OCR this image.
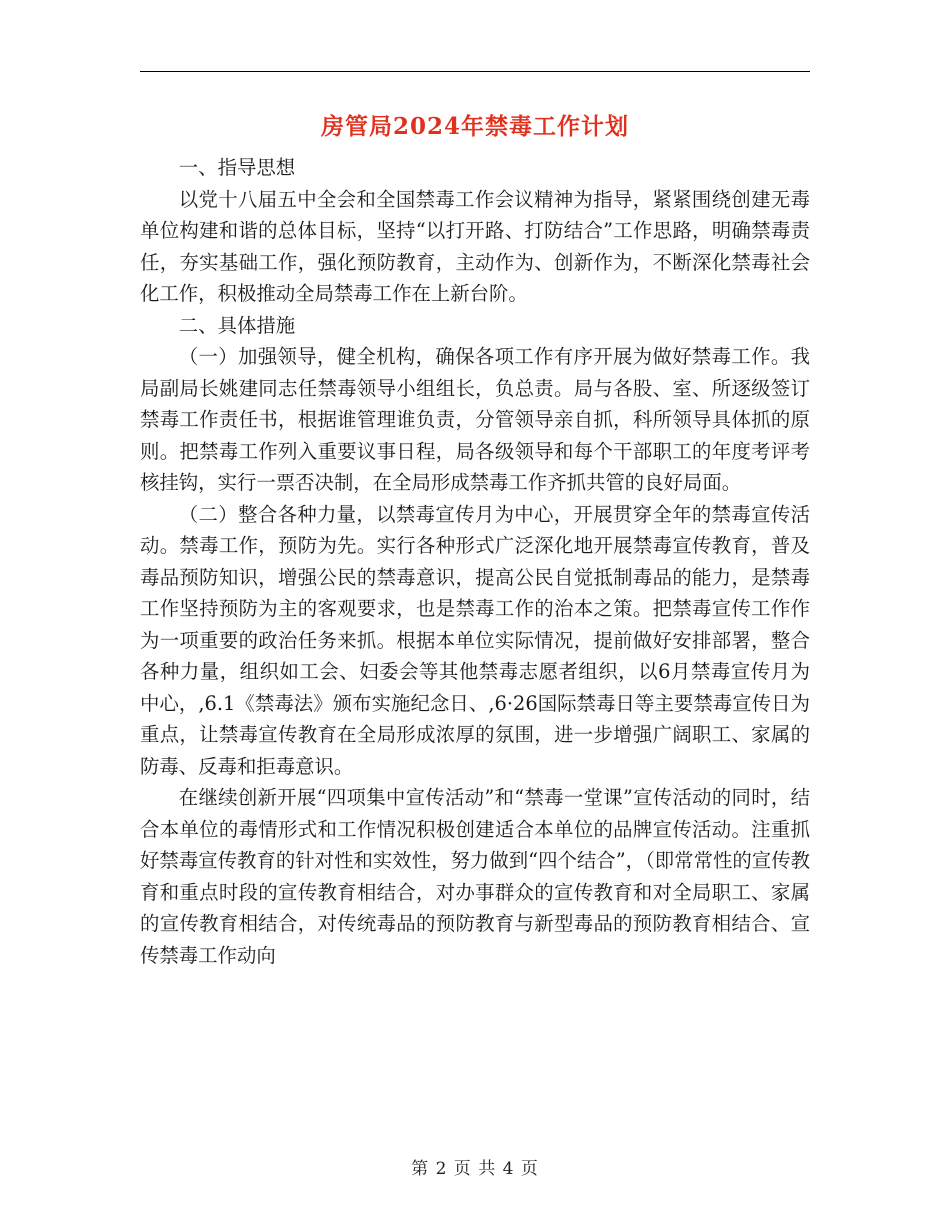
房管局2024年禁毒工作计划

一、指导思想

以党十八届五中全会和全国禁毒工作会议精神为指导，紧紧围绕创建无毒单位构建和谐的总体目标，坚持“以打开路、打防结合”工作思路，明确禁毒责任，夯实基础工作，强化预防教育，主动作为、创新作为，不断深化禁毒社会化工作，积极推动全局禁毒工作在上新台阶。

二、具体措施

（一）加强领导，健全机构，确保各项工作有序开展为做好禁毒工作。我局副局长姚建同志任禁毒领导小组组长，负总责。局与各股、室、所逐级签订禁毒工作责任书，根据谁管理谁负责，分管领导亲自抓，科所领导具体抓的原则。把禁毒工作列入重要议事日程，局各级领导和每个干部职工的年度考评考核挂钩，实行一票否决制，在全局形成禁毒工作齐抓共管的良好局面。

（二）整合各种力量，以禁毒宣传月为中心，开展贯穿全年的禁毒宣传活动。禁毒工作，预防为先。实行各种形式广泛深化地开展禁毒宣传教育，普及毒品预防知识，增强公民的禁毒意识，提高公民自觉抵制毒品的能力，是禁毒工作坚持预防为主的客观要求，也是禁毒工作的治本之策。把禁毒宣传工作作为一项重要的政治任务来抓。根据本单位实际情况，提前做好安排部署，整合各种力量，组织如工会、妇委会等其他禁毒志愿者组织，以6月禁毒宣传月为中心，,6.1《禁毒法》颁布实施纪念日、,6·26国际禁毒日等主要禁毒宣传日为重点，让禁毒宣传教育在全局形成浓厚的氛围，进一步增强广阔职工、家属的防毒、反毒和拒毒意识。

在继续创新开展“四项集中宣传活动”和“禁毒一堂课”宣传活动的同时，结合本单位的毒情形式和工作情况积极创建适合本单位的品牌宣传活动。注重抓好禁毒宣传教育的针对性和实效性，努力做到“四个结合”，（即常常性的宣传教育和重点时段的宣传教育相结合，对办事群众的宣传教育和对全局职工、家属的宣传教育相结合，对传统毒品的预防教育与新型毒品的预防教育相结合、宣传禁毒工作动向

第 2 页 共 4 页
